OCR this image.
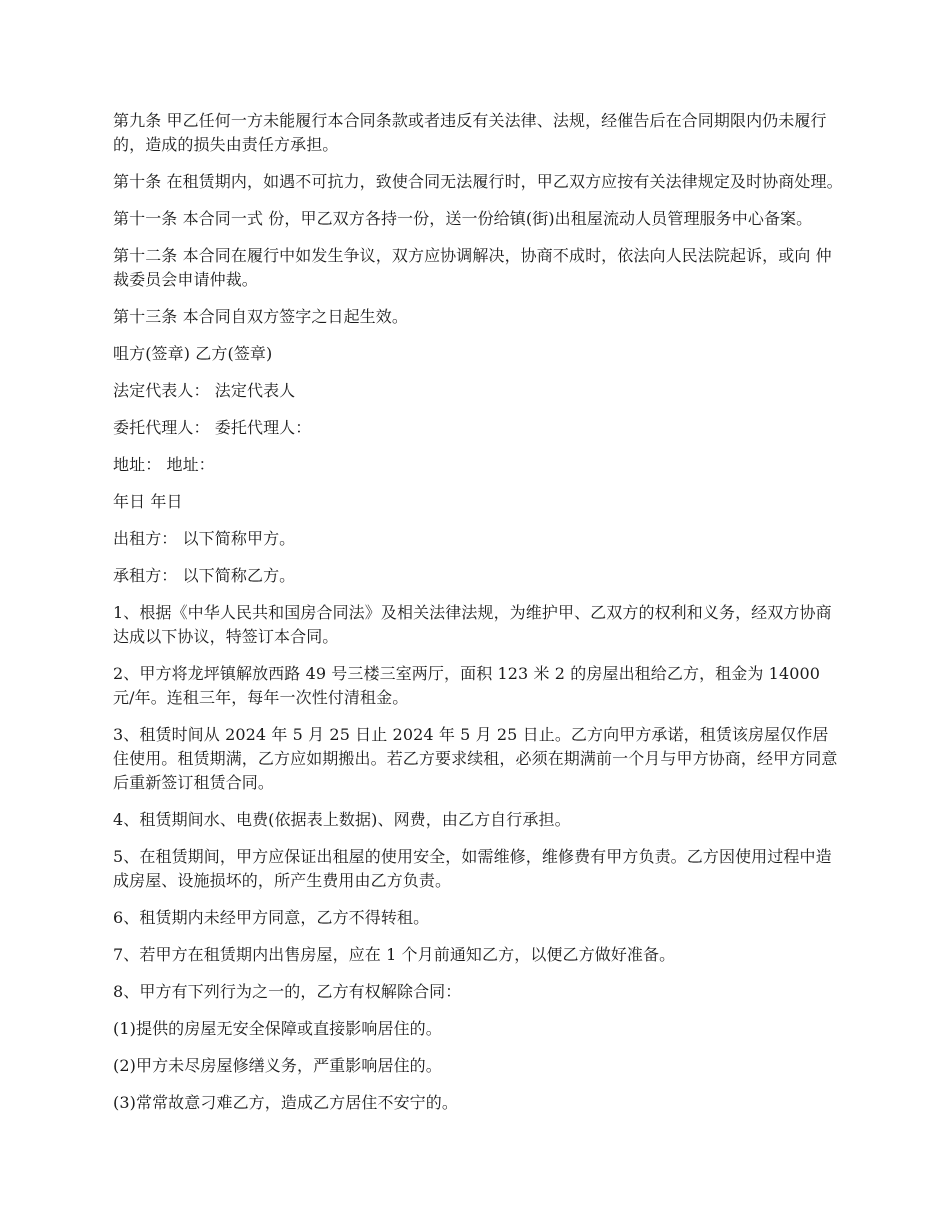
第九条 甲乙任何一方未能履行本合同条款或者违反有关法律、法规，经催告后在合同期限内仍未履行的，造成的损失由责任方承担。

第十条 在租赁期内，如遇不可抗力，致使合同无法履行时，甲乙双方应按有关法律规定及时协商处理。

第十一条 本合同一式 份，甲乙双方各持一份，送一份给镇(街)出租屋流动人员管理服务中心备案。

第十二条 本合同在履行中如发生争议，双方应协调解决，协商不成时，依法向人民法院起诉，或向 仲裁委员会申请仲裁。

第十三条 本合同自双方签字之日起生效。

咀方(签章) 乙方(签章)

法定代表人： 法定代表人

委托代理人： 委托代理人：

地址： 地址：

年日 年日

出租方： 以下简称甲方。

承租方： 以下简称乙方。

1、根据《中华人民共和国房合同法》及相关法律法规，为维护甲、乙双方的权利和义务，经双方协商达成以下协议，特签订本合同。

2、甲方将龙坪镇解放西路 49 号三楼三室两厅，面积 123 米 2 的房屋出租给乙方，租金为 14000 元/年。连租三年，每年一次性付清租金。

3、租赁时间从 2024 年 5 月 25 日止 2024 年 5 月 25 日止。乙方向甲方承诺，租赁该房屋仅作居住使用。租赁期满，乙方应如期搬出。若乙方要求续租，必须在期满前一个月与甲方协商，经甲方同意后重新签订租赁合同。

4、租赁期间水、电费(依据表上数据)、网费，由乙方自行承担。

5、在租赁期间，甲方应保证出租屋的使用安全，如需维修，维修费有甲方负责。乙方因使用过程中造成房屋、设施损坏的，所产生费用由乙方负责。

6、租赁期内未经甲方同意，乙方不得转租。

7、若甲方在租赁期内出售房屋，应在 1 个月前通知乙方，以便乙方做好准备。

8、甲方有下列行为之一的，乙方有权解除合同：

(1)提供的房屋无安全保障或直接影响居住的。

(2)甲方未尽房屋修缮义务，严重影响居住的。

(3)常常故意刁难乙方，造成乙方居住不安宁的。
